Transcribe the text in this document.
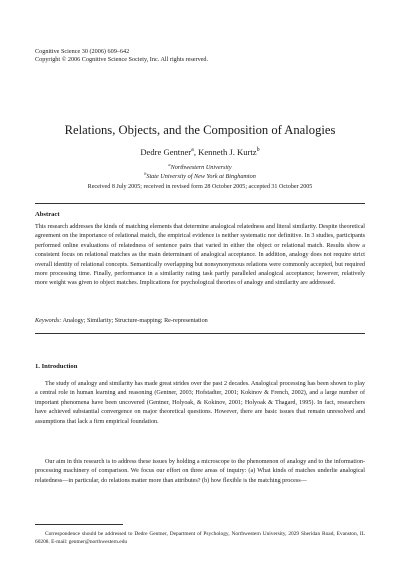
Cognitive Science 30 (2006) 609–642
Copyright © 2006 Cognitive Science Society, Inc. All rights reserved.
Relations, Objects, and the Composition of Analogies
Dedre Gentner$^a$, Kenneth J. Kurtz$^b$
$^a$Northwestern University
$^b$State University of New York at Binghamton
Received 8 July 2005; received in revised form 28 October 2005; accepted 31 October 2005
Abstract
This research addresses the kinds of matching elements that determine analogical relatedness and literal similarity. Despite theoretical agreement on the importance of relational match, the empirical evidence is neither systematic nor definitive. In 3 studies, participants performed online evaluations of relatedness of sentence pairs that varied in either the object or relational match. Results show a consistent focus on relational matches as the main determinant of analogical acceptance. In addition, analogy does not require strict overall identity of relational concepts. Semantically overlapping but nonsynonymous relations were commonly accepted, but required more processing time. Finally, performance in a similarity rating task partly paralleled analogical acceptance; however, relatively more weight was given to object matches. Implications for psychological theories of analogy and similarity are addressed.
Keywords: Analogy; Similarity; Structure-mapping; Re-representation
1. Introduction
The study of analogy and similarity has made great strides over the past 2 decades. Analogical processing has been shown to play a central role in human learning and reasoning (Gentner, 2003; Hofstadter, 2001; Kokinov & French, 2002), and a large number of important phenomena have been uncovered (Gentner, Holyoak, & Kokinov, 2001; Holyoak & Thagard, 1995). In fact, researchers have achieved substantial convergence on major theoretical questions. However, there are basic issues that remain unresolved and assumptions that lack a firm empirical foundation.
Our aim in this research is to address these issues by holding a microscope to the phenomenon of analogy and to the information-processing machinery of comparison. We focus our effort on three areas of inquiry: (a) What kinds of matches underlie analogical relatedness—in particular, do relations matter more than attributes? (b) how flexible is the matching process—
Correspondence should be addressed to Dedre Gentner, Department of Psychology, Northwestern University, 2029 Sheridan Road, Evanston, IL 60208. E-mail: gentner@northwestern.edu
